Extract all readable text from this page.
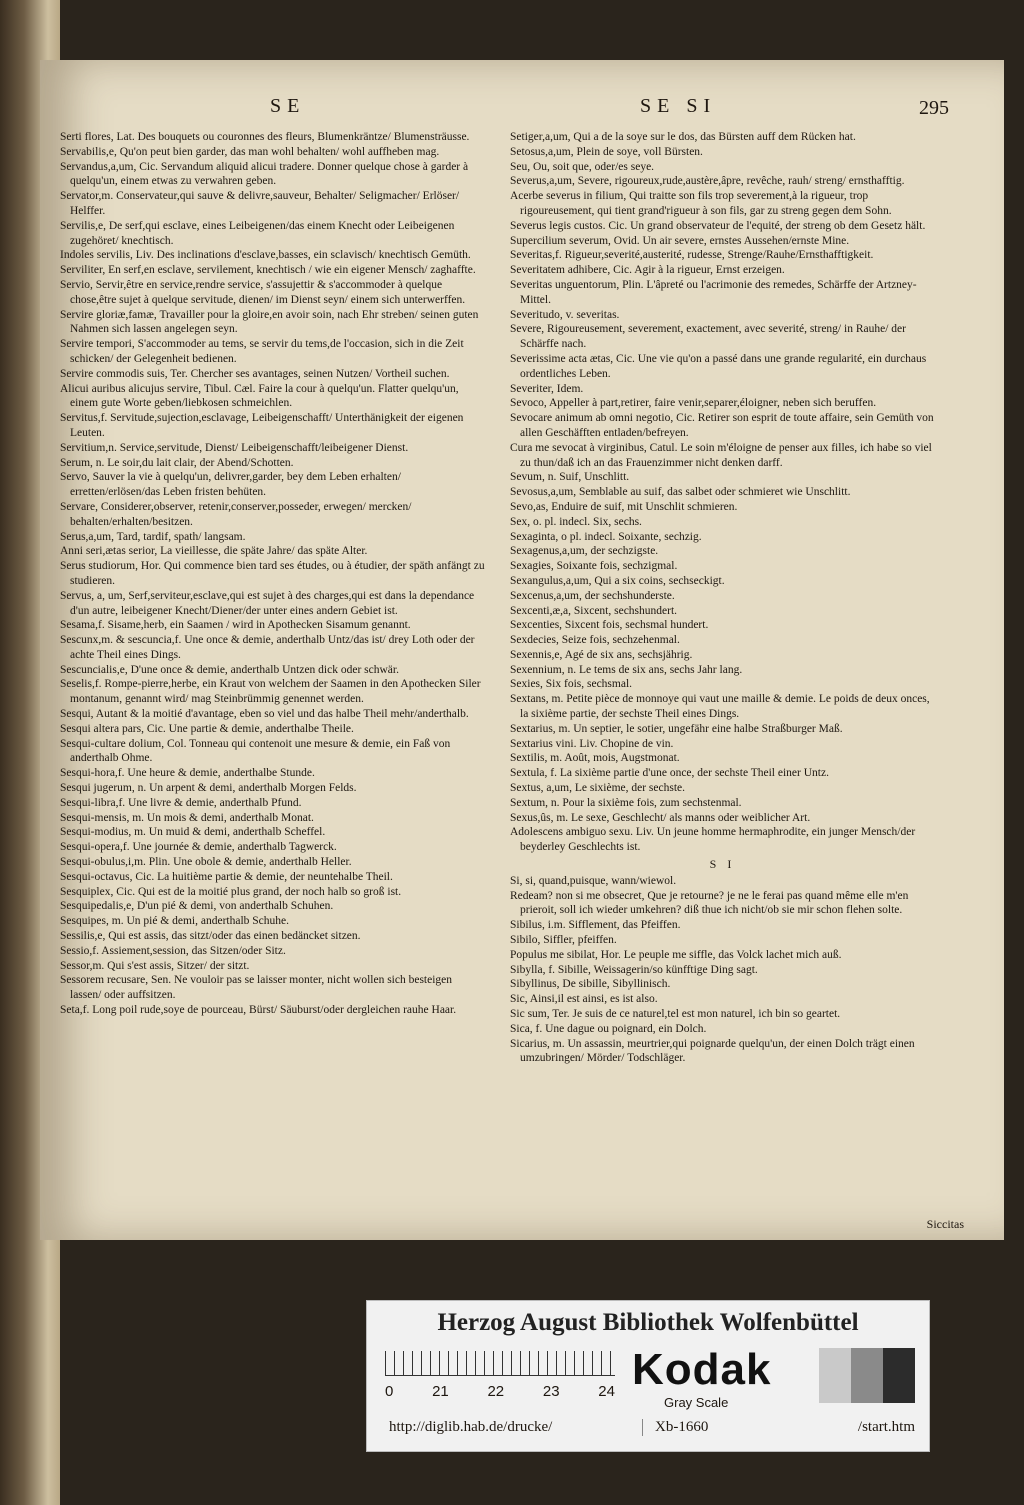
SE	SE SI	295

Serti flores, Lat. Des bouquets ou couronnes des fleurs, Blumenkräntze/ Blumensträusse.

Servabilis,e, Qu'on peut bien garder, das man wohl behalten/ wohl auffheben mag.

Servandus,a,um, Cic. Servandum aliquid alicui tradere. Donner quelque chose à garder à quelqu'un, einem etwas zu verwahren geben.

Servator,m. Conservateur,qui sauve & delivre,sauveur, Behalter/ Seligmacher/ Erlöser/ Helffer.

Servilis,e, De serf,qui esclave, eines Leibeigenen/das einem Knecht oder Leibeigenen zugehöret/ knechtisch.

Indoles servilis, Liv. Des inclinations d'esclave,basses, ein sclavisch/ knechtisch Gemüth.

Serviliter, En serf,en esclave, servilement, knechtisch / wie ein eigener Mensch/ zaghaffte.

Servio, Servir,être en service,rendre service, s'assujettir & s'accommoder à quelque chose,être sujet à quelque servitude, dienen/ im Dienst seyn/ einem sich unterwerffen.

Servire gloriæ,famæ, Travailler pour la gloire,en avoir soin, nach Ehr streben/ seinen guten Nahmen sich lassen angelegen seyn.

Servire tempori, S'accommoder au tems, se servir du tems,de l'occasion, sich in die Zeit schicken/ der Gelegenheit bedienen.

Servire commodis suis, Ter. Chercher ses avantages, seinen Nutzen/ Vortheil suchen.

Alicui auribus alicujus servire, Tibul. Cæl. Faire la cour à quelqu'un. Flatter quelqu'un, einem gute Worte geben/liebkosen schmeichlen.

Servitus,f. Servitude,sujection,esclavage, Leibeigenschafft/ Unterthänigkeit der eigenen Leuten.

Servitium,n. Service,servitude, Dienst/ Leibeigenschafft/leibeigener Dienst.

Serum, n. Le soir,du lait clair, der Abend/Schotten.

Servo, Sauver la vie à quelqu'un, delivrer,garder, bey dem Leben erhalten/ erretten/erlösen/das Leben fristen behüten.

Servare, Considerer,observer, retenir,conserver,posseder, erwegen/ mercken/ behalten/erhalten/besitzen.

Serus,a,um, Tard, tardif, spath/ langsam.

Anni seri,ætas serior, La vieillesse, die späte Jahre/ das späte Alter.

Serus studiorum, Hor. Qui commence bien tard ses études, ou à étudier, der späth anfängt zu studieren.

Servus, a, um, Serf,serviteur,esclave,qui est sujet à des charges,qui est dans la dependance d'un autre, leibeigener Knecht/Diener/der unter eines andern Gebiet ist.

Sesama,f. Sisame,herb, ein Saamen / wird in Apothecken Sisamum genannt.

Sescunx,m. & sescuncia,f. Une once & demie, anderthalb Untz/das ist/ drey Loth oder der achte Theil eines Dings.

Sescuncialis,e, D'une once & demie, anderthalb Untzen dick oder schwär.

Seselis,f. Rompe-pierre,herbe, ein Kraut von welchem der Saamen in den Apothecken Siler montanum, genannt wird/ mag Steinbrümmig genennet werden.

Sesqui, Autant & la moitié d'avantage, eben so viel und das halbe Theil mehr/anderthalb.

Sesqui altera pars, Cic. Une partie & demie, anderthalbe Theile.

Sesqui-cultare dolium, Col. Tonneau qui contenoit une mesure & demie, ein Faß von anderthalb Ohme.

Sesqui-hora,f. Une heure & demie, anderthalbe Stunde.

Sesqui jugerum, n. Un arpent & demi, anderthalb Morgen Felds.

Sesqui-libra,f. Une livre & demie, anderthalb Pfund.

Sesqui-mensis, m. Un mois & demi, anderthalb Monat.

Sesqui-modius, m. Un muid & demi, anderthalb Scheffel.

Sesqui-opera,f. Une journée & demie, anderthalb Tagwerck.

Sesqui-obulus,i,m. Plin. Une obole & demie, anderthalb Heller.

Sesqui-octavus, Cic. La huitième partie & demie, der neuntehalbe Theil.

Sesquiplex, Cic. Qui est de la moitié plus grand, der noch halb so groß ist.

Sesquipedalis,e, D'un pié & demi, von anderthalb Schuhen.

Sesquipes, m. Un pié & demi, anderthalb Schuhe.

Sessilis,e, Qui est assis, das sitzt/oder das einen bedäncket sitzen.

Sessio,f. Assiement,session, das Sitzen/oder Sitz.

Sessor,m. Qui s'est assis, Sitzer/ der sitzt.

Sessorem recusare, Sen. Ne vouloir pas se laisser monter, nicht wollen sich besteigen lassen/ oder auffsitzen.

Seta,f. Long poil rude,soye de pourceau, Bürst/ Säuburst/oder dergleichen rauhe Haar.

Setiger,a,um, Qui a de la soye sur le dos, das Bürsten auff dem Rücken hat.

Setosus,a,um, Plein de soye, voll Bürsten.

Seu, Ou, soit que, oder/es seye.

Severus,a,um, Severe, rigoureux,rude,austère,âpre, revêche, rauh/ streng/ ernsthafftig.

Acerbe severus in filium, Qui traitte son fils trop severement,à la rigueur, trop rigoureusement, qui tient grand'rigueur à son fils, gar zu streng gegen dem Sohn.

Severus legis custos. Cic. Un grand observateur de l'equité, der streng ob dem Gesetz hält.

Supercilium severum, Ovid. Un air severe, ernstes Aussehen/ernste Mine.

Severitas,f. Rigueur,severité,austerité, rudesse, Strenge/Rauhe/Ernsthafftigkeit.

Severitatem adhibere, Cic. Agir à la rigueur, Ernst erzeigen.

Severitas unguentorum, Plin. L'âpreté ou l'acrimonie des remedes, Schärffe der Artzney-Mittel.

Severitudo, v. severitas.

Severe, Rigoureusement, severement, exactement, avec severité, streng/ in Rauhe/ der Schärffe nach.

Severissime acta ætas, Cic. Une vie qu'on a passé dans une grande regularité, ein durchaus ordentliches Leben.

Severiter, Idem.

Sevoco, Appeller à part,retirer, faire venir,separer,éloigner, neben sich beruffen.

Sevocare animum ab omni negotio, Cic. Retirer son esprit de toute affaire, sein Gemüth von allen Geschäfften entladen/befreyen.

Cura me sevocat à virginibus, Catul. Le soin m'éloigne de penser aux filles, ich habe so viel zu thun/daß ich an das Frauenzimmer nicht denken darff.

Sevum, n. Suif, Unschlitt.

Sevosus,a,um, Semblable au suif, das salbet oder schmieret wie Unschlitt.

Sevo,as, Enduire de suif, mit Unschlit schmieren.

Sex, o. pl. indecl. Six, sechs.

Sexaginta, o pl. indecl. Soixante, sechzig.

Sexagenus,a,um, der sechzigste.

Sexagies, Soixante fois, sechzigmal.

Sexangulus,a,um, Qui a six coins, sechseckigt.

Sexcenus,a,um, der sechshunderste.

Sexcenti,æ,a, Sixcent, sechshundert.

Sexcenties, Sixcent fois, sechsmal hundert.

Sexdecies, Seize fois, sechzehenmal.

Sexennis,e, Agé de six ans, sechsjährig.

Sexennium, n. Le tems de six ans, sechs Jahr lang.

Sexies, Six fois, sechsmal.

Sextans, m. Petite pièce de monnoye qui vaut une maille & demie. Le poids de deux onces, la sixième partie, der sechste Theil eines Dings.

Sextarius, m. Un septier, le sotier, ungefähr eine halbe Straßburger Maß.

Sextarius vini. Liv. Chopine de vin.

Sextilis, m. Août, mois, Augstmonat.

Sextula, f. La sixième partie d'une once, der sechste Theil einer Untz.

Sextus, a,um, Le sixième, der sechste.

Sextum, n. Pour la sixième fois, zum sechstenmal.

Sexus,ûs, m. Le sexe, Geschlecht/ als manns oder weiblicher Art.

Adolescens ambiguo sexu. Liv. Un jeune homme hermaphrodite, ein junger Mensch/der beyderley Geschlechts ist.

S I

Si, si, quand,puisque, wann/wiewol.

Redeam? non si me obsecret, Que je retourne? je ne le ferai pas quand même elle m'en prieroit, soll ich wieder umkehren? diß thue ich nicht/ob sie mir schon flehen solte.

Sibilus, i.m. Sifflement, das Pfeiffen.

Sibilo, Siffler, pfeiffen.

Populus me sibilat, Hor. Le peuple me siffle, das Volck lachet mich auß.

Sibylla, f. Sibille, Weissagerin/so künfftige Ding sagt.

Sibyllinus, De sibille, Sibyllinisch.

Sic, Ainsi,il est ainsi, es ist also.

Sic sum, Ter. Je suis de ce naturel,tel est mon naturel, ich bin so geartet.

Sica, f. Une dague ou poignard, ein Dolch.

Sicarius, m. Un assassin, meurtrier,qui poignarde quelqu'un, der einen Dolch trägt einen umzubringen/ Mörder/ Todschläger.

Siccitas
Herzog August Bibliothek Wolfenbüttel
0	21	22	23	24 Kodak
Gray Scale
http://diglib.hab.de/drucke/	Xb-1660	/start.htm
